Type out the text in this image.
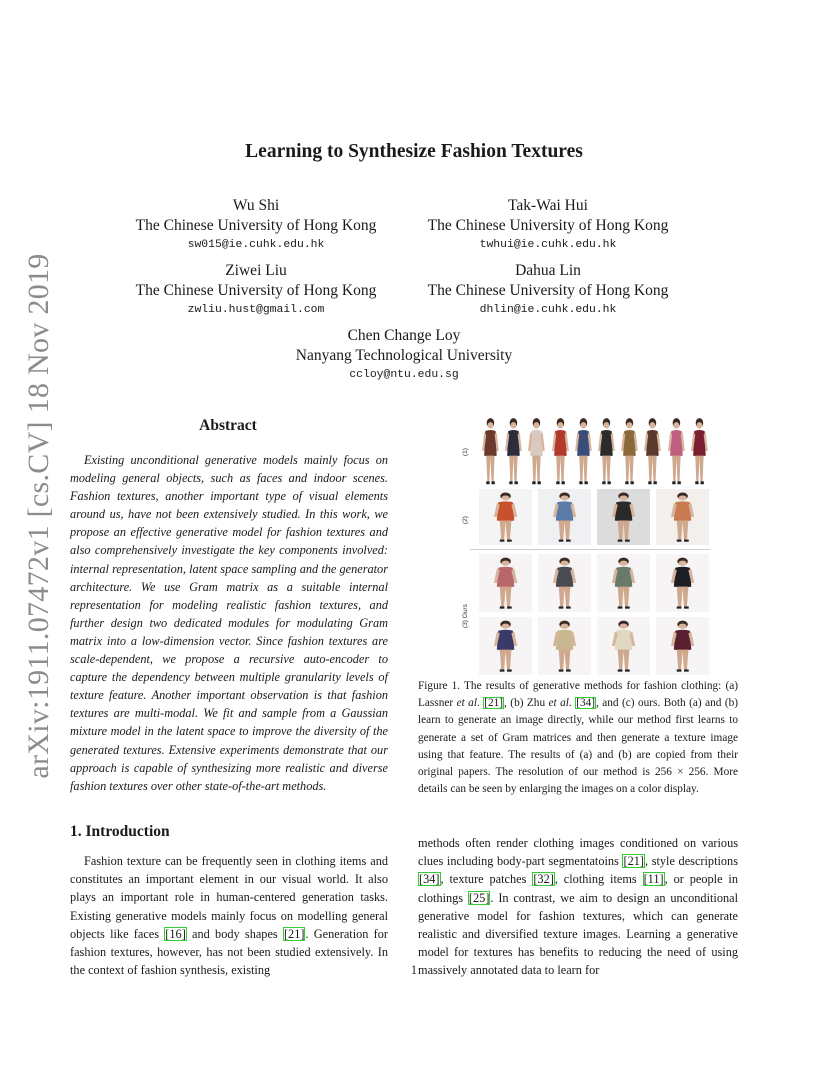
arXiv:1911.07472v1 [cs.CV] 18 Nov 2019
Learning to Synthesize Fashion Textures
Wu Shi
The Chinese University of Hong Kong
sw015@ie.cuhk.edu.hk
Tak-Wai Hui
The Chinese University of Hong Kong
twhui@ie.cuhk.edu.hk
Ziwei Liu
The Chinese University of Hong Kong
zwliu.hust@gmail.com
Dahua Lin
The Chinese University of Hong Kong
dhlin@ie.cuhk.edu.hk
Chen Change Loy
Nanyang Technological University
ccloy@ntu.edu.sg
Abstract

Existing unconditional generative models mainly focus on modeling general objects, such as faces and indoor scenes. Fashion textures, another important type of visual elements around us, have not been extensively studied. In this work, we propose an effective generative model for fashion textures and also comprehensively investigate the key components involved: internal representation, latent space sampling and the generator architecture. We use Gram matrix as a suitable internal representation for modeling realistic fashion textures, and further design two dedicated modules for modulating Gram matrix into a low-dimension vector. Since fashion textures are scale-dependent, we propose a recursive auto-encoder to capture the dependency between multiple granularity levels of texture feature. Another important observation is that fashion textures are multi-modal. We fit and sample from a Gaussian mixture model in the latent space to improve the diversity of the generated textures. Extensive experiments demonstrate that our approach is capable of synthesizing more realistic and diverse fashion textures over other state-of-the-art methods.

(1)
(2)
(3) Ours

Figure 1. The results of generative methods for fashion clothing: (a) Lassner et al. [21], (b) Zhu et al. [34], and (c) ours. Both (a) and (b) learn to generate an image directly, while our method first learns to generate a set of Gram matrices and then generate a texture image using that feature. The results of (a) and (b) are copied from their original papers. The resolution of our method is 256 × 256. More details can be seen by enlarging the images on a color display.

1. Introduction

Fashion texture can be frequently seen in clothing items and constitutes an important element in our visual world. It also plays an important role in human-centered generation tasks. Existing generative models mainly focus on modelling general objects like faces [16] and body shapes [21]. Generation for fashion textures, however, has not been studied extensively. In the context of fashion synthesis, existing

methods often render clothing images conditioned on various clues including body-part segmentatoins [21], style descriptions [34], texture patches [32], clothing items [11], or people in clothings [25]. In contrast, we aim to design an unconditional generative model for fashion textures, which can generate realistic and diversified texture images. Learning a generative model for textures has benefits to reducing the need of using massively annotated data to learn for

1
